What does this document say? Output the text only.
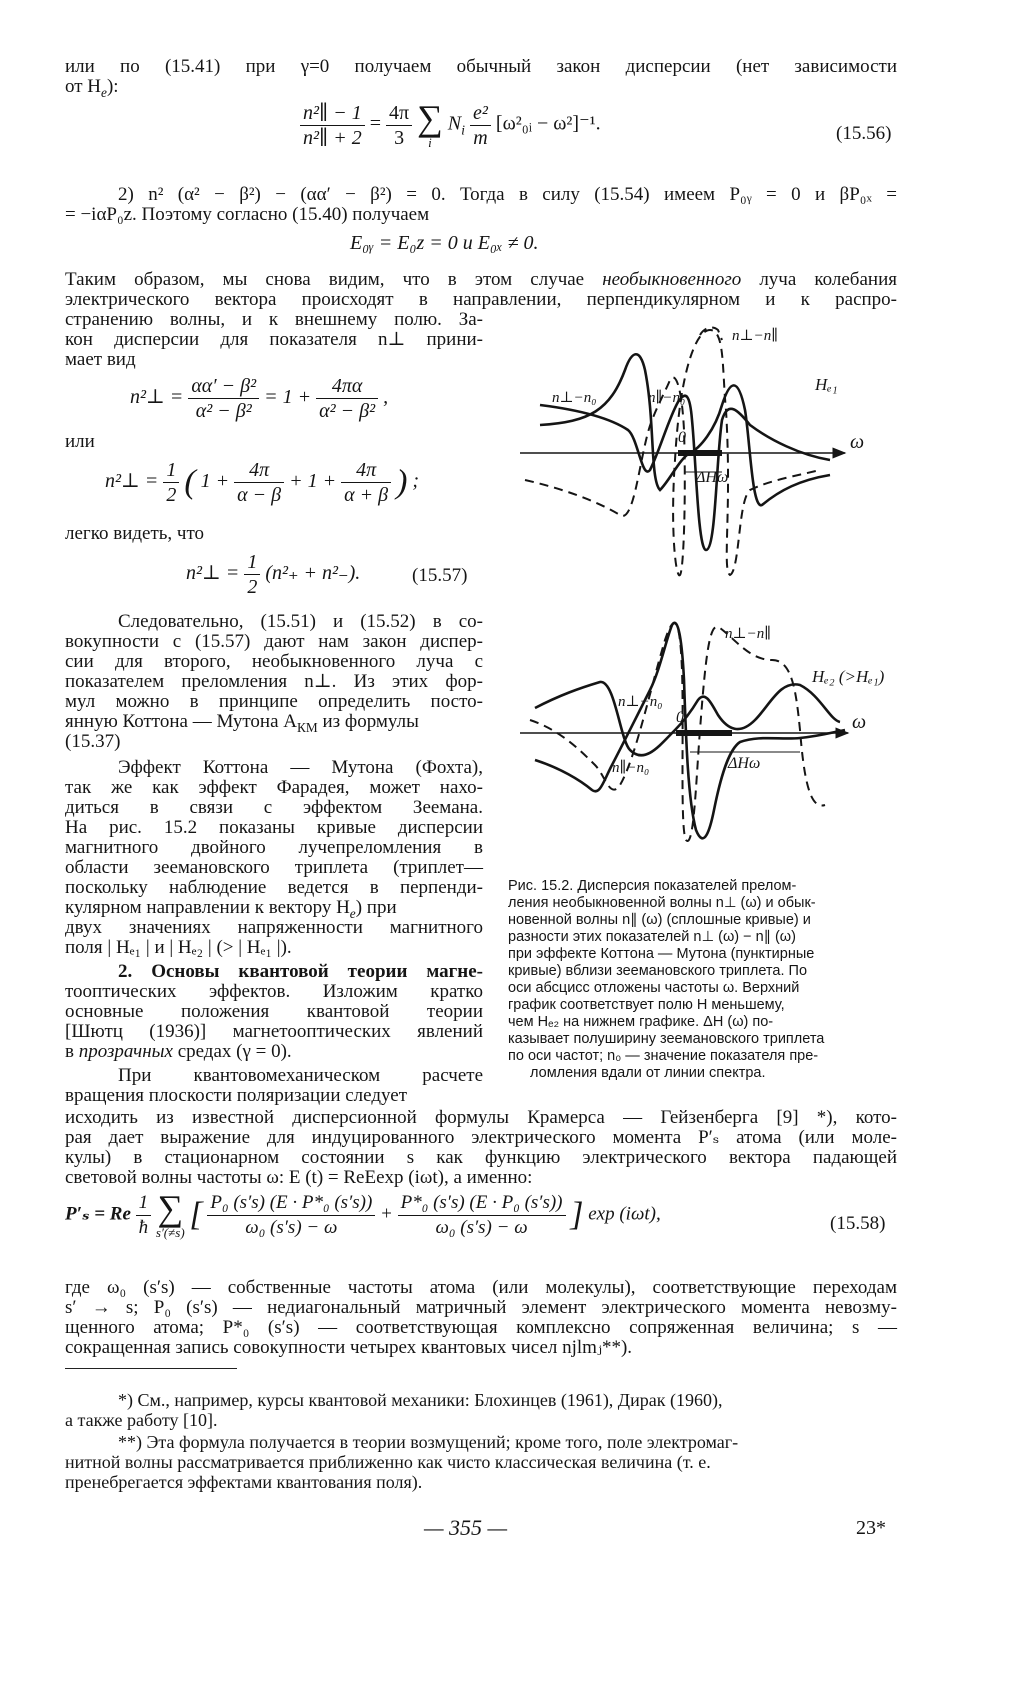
или по (15.41) при γ=0 получаем обычный закон дисперсии (нет зависимости
от $H_e$):
$\frac{\text{n²∥ − 1}}{\text{n²∥ + 2}} = \frac{4\pi}{3}$ ∑
i
$N_i \frac{\text{e²}}{m}$ [ω²₀ᵢ − ω²]⁻¹.	(15.56)
2) n² (α² − β²) − (αα′ − β²) = 0. Тогда в силу (15.54) имеем P₀ᵧ = 0 и βP₀ₓ =
= −iαP₀z. Поэтому согласно (15.40) получаем
E₀ᵧ = E₀z = 0 и E₀ₓ ≠ 0.
Таким образом, мы снова видим, что в этом случае необыкновенного луча колебания
электрического вектора происходят в направлении, перпендикулярном и к распро-
странению волны, и к внешнему полю. За-
кон дисперсии для показателя n⊥ прини-
мает вид
n²⊥ = $\frac{\text{αα′ − β²}}{\text{α² − β²}} = 1 + \frac{4\pi\alpha}{\text{α² − β²}}$ ,
или
n²⊥ = $\frac{1}{2}$ ( $1 + \frac{4\pi}{\alpha - \beta} + 1 + \frac{4\pi}{\alpha + \beta}$ ) ;
легко видеть, что
n²⊥ = $\frac{1}{2} (n^2_+ + n^2_-)$.	(15.57)
Следовательно, (15.51) и (15.52) в со-
вокупности с (15.57) дают нам закон диспер-
сии для второго, необыкновенного луча с
показателем преломления n⊥. Из этих фор-
мул можно в принципе определить посто-
янную Коттона — Мутона $A_{КМ}$ из формулы
(15.37)
Эффект Коттона — Мутона (Фохта),
так же как эффект Фарадея, может нахо-
диться в связи с эффектом Зеемана.
На рис. 15.2 показаны кривые дисперсии
магнитного двойного лучепреломления в
области зеемановского триплета (триплет—
поскольку наблюдение ведется в перпенди-
кулярном направлении к вектору $H_e$) при
двух значениях напряженности магнитного
поля | Hₑ₁ | и | Hₑ₂ | (> | Hₑ₁ |).
2. Основы квантовой теории магне-
тооптических эффектов. Изложим кратко
основные положения квантовой теории
[Шютц (1936)] магнетооптических явлений
в прозрачных средах (γ = 0).
При квантовомеханическом расчете
вращения плоскости поляризации следует
исходить из известной дисперсионной формулы Крамерса — Гейзенберга [9] *), кото-
рая дает выражение для индуцированного электрического момента P′ₛ атома (или моле-
кулы) в стационарном состоянии s как функцию электрического вектора падающей
световой волны частоты ω: E (t) = ReEexp (iωt), а именно:
P′ₛ = Re $\frac{1}{ħ}$ ∑
s′(≠s) [ $\frac{\text{P₀ (s′s) (E · P*₀ (s′s))}}{\text{ω₀ (s′s) − ω}} + \frac{\text{P*₀ (s′s) (E · P₀ (s′s))}}{\text{ω₀ (s′s) − ω}}$ ] exp (iωt),	(15.58)
где ω₀ (s′s) — собственные частоты атома (или молекулы), соответствующие переходам
s′ → s; P₀ (s′s) — недиагональный матричный элемент электрического момента невозму-
щенного атома; P*₀ (s′s) — соответствующая комплексно сопряженная величина; s —
сокращенная запись совокупности четырех квантовых чисел njlmⱼ**).
*) См., например, курсы квантовой механики: Блохинцев (1961), Дирак (1960),
а также работу [10].
**) Эта формула получается в теории возмущений; кроме того, поле электромаг-
нитной волны рассматривается приближенно как чисто классическая величина (т. е.
пренебрегается эффектами квантования поля).
— 355 —	23*
ω
0
n⊥−n∥
Hₑ₁
n⊥−n₀	n∥−n₀
ΔHω
ω
0
n⊥−n∥
Hₑ₂ (>Hₑ₁)
n⊥−n₀
n∥−n₀	ΔHω
Рис. 15.2. Дисперсия показателей прелом-
ления необыкновенной волны n⊥ (ω) и обык-
новенной волны n∥ (ω) (сплошные кривые) и
разности этих показателей n⊥ (ω) − n∥ (ω)
при эффекте Коттона — Мутона (пунктирные
кривые) вблизи зеемановского триплета. По
оси абсцисс отложены частоты ω. Верхний
график соответствует полю H меньшему,
чем Hₑ₂ на нижнем графике. ΔH (ω) по-
казывает полуширину зеемановского триплета
по оси частот; n₀ — значение показателя пре-
ломления вдали от линии спектра.
